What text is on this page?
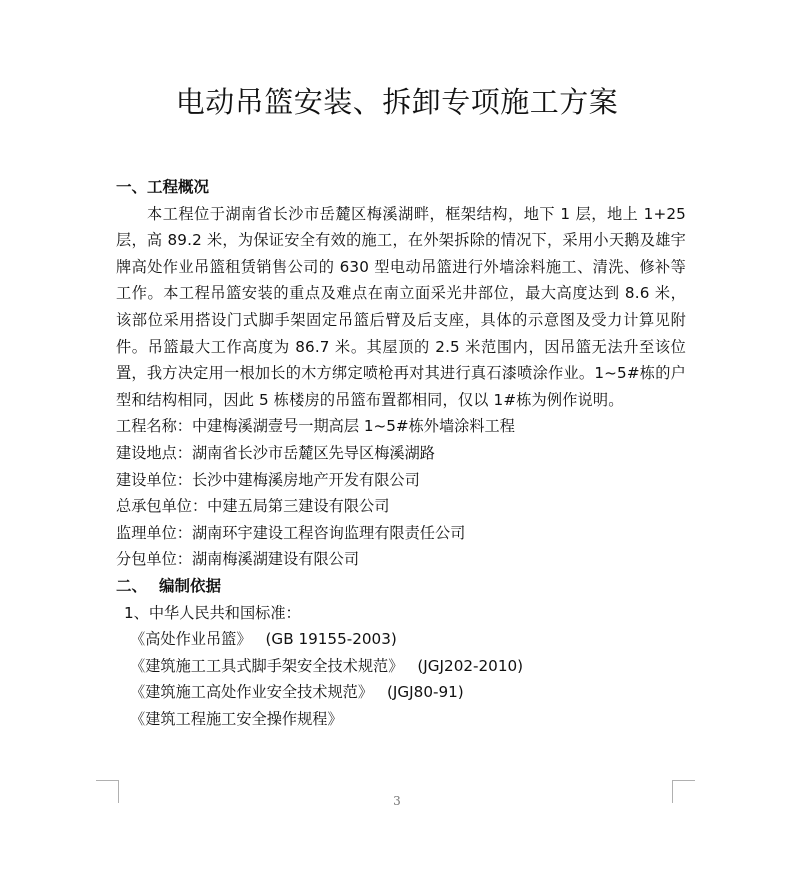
电动吊篮安装、拆卸专项施工方案
一、工程概况
本工程位于湖南省长沙市岳麓区梅溪湖畔，框架结构，地下 1 层，地上 1+25 层，高 89.2 米，为保证安全有效的施工，在外架拆除的情况下，采用小天鹅及雄宇牌高处作业吊篮租赁销售公司的 630 型电动吊篮进行外墙涂料施工、清洗、修补等工作。本工程吊篮安装的重点及难点在南立面采光井部位，最大高度达到 8.6 米，该部位采用搭设门式脚手架固定吊篮后臂及后支座，具体的示意图及受力计算见附件。吊篮最大工作高度为 86.7 米。其屋顶的 2.5 米范围内，因吊篮无法升至该位置，我方决定用一根加长的木方绑定喷枪再对其进行真石漆喷涂作业。1~5#栋的户型和结构相同，因此 5 栋楼房的吊篮布置都相同，仅以 1#栋为例作说明。
工程名称：中建梅溪湖壹号一期高层 1~5#栋外墙涂料工程
建设地点：湖南省长沙市岳麓区先导区梅溪湖路
建设单位：长沙中建梅溪房地产开发有限公司
总承包单位：中建五局第三建设有限公司
监理单位：湖南环宇建设工程咨询监理有限责任公司
分包单位：湖南梅溪湖建设有限公司
二、 编制依据
1、中华人民共和国标准：
《高处作业吊篮》 (GB 19155-2003)
《建筑施工工具式脚手架安全技术规范》 (JGJ202-2010)
《建筑施工高处作业安全技术规范》 (JGJ80-91)
《建筑工程施工安全操作规程》
3
